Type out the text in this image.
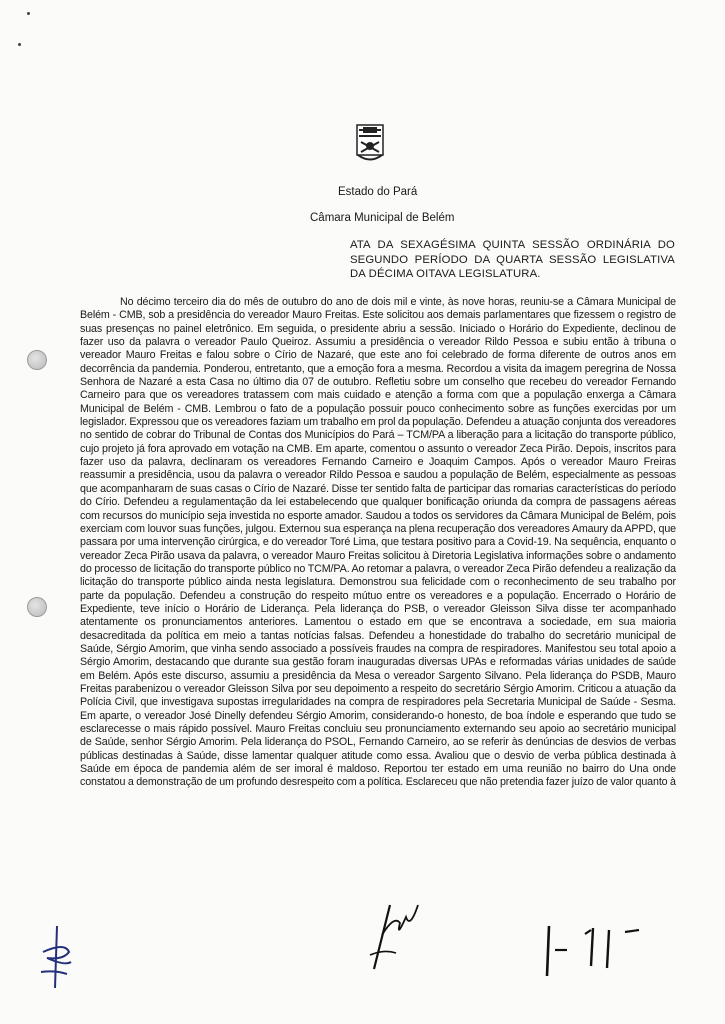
Estado do Pará
Câmara Municipal de Belém
ATA DA SEXAGÉSIMA QUINTA SESSÃO ORDINÁRIA DO SEGUNDO PERÍODO DA QUARTA SESSÃO LEGISLATIVA DA DÉCIMA OITAVA LEGISLATURA.

No décimo terceiro dia do mês de outubro do ano de dois mil e vinte, às nove horas, reuniu-se a Câmara Municipal de Belém - CMB, sob a presidência do vereador Mauro Freitas. Este solicitou aos demais parlamentares que fizessem o registro de suas presenças no painel eletrônico. Em seguida, o presidente abriu a sessão. Iniciado o Horário do Expediente, declinou de fazer uso da palavra o vereador Paulo Queiroz. Assumiu a presidência o vereador Rildo Pessoa e subiu então à tribuna o vereador Mauro Freitas e falou sobre o Círio de Nazaré, que este ano foi celebrado de forma diferente de outros anos em decorrência da pandemia. Ponderou, entretanto, que a emoção fora a mesma. Recordou a visita da imagem peregrina de Nossa Senhora de Nazaré a esta Casa no último dia 07 de outubro. Refletiu sobre um conselho que recebeu do vereador Fernando Carneiro para que os vereadores tratassem com mais cuidado e atenção a forma com que a população enxerga a Câmara Municipal de Belém - CMB. Lembrou o fato de a população possuir pouco conhecimento sobre as funções exercidas por um legislador. Expressou que os vereadores faziam um trabalho em prol da população. Defendeu a atuação conjunta dos vereadores no sentido de cobrar do Tribunal de Contas dos Municípios do Pará – TCM/PA a liberação para a licitação do transporte público, cujo projeto já fora aprovado em votação na CMB. Em aparte, comentou o assunto o vereador Zeca Pirão. Depois, inscritos para fazer uso da palavra, declinaram os vereadores Fernando Carneiro e Joaquim Campos. Após o vereador Mauro Freiras reassumir a presidência, usou da palavra o vereador Rildo Pessoa e saudou a população de Belém, especialmente as pessoas que acompanharam de suas casas o Círio de Nazaré. Disse ter sentido falta de participar das romarias características do período do Círio. Defendeu a regulamentação da lei estabelecendo que qualquer bonificação oriunda da compra de passagens aéreas com recursos do município seja investida no esporte amador. Saudou a todos os servidores da Câmara Municipal de Belém, pois exerciam com louvor suas funções, julgou. Externou sua esperança na plena recuperação dos vereadores Amaury da APPD, que passara por uma intervenção cirúrgica, e do vereador Toré Lima, que testara positivo para a Covid-19. Na sequência, enquanto o vereador Zeca Pirão usava da palavra, o vereador Mauro Freitas solicitou à Diretoria Legislativa informações sobre o andamento do processo de licitação do transporte público no TCM/PA. Ao retomar a palavra, o vereador Zeca Pirão defendeu a realização da licitação do transporte público ainda nesta legislatura. Demonstrou sua felicidade com o reconhecimento de seu trabalho por parte da população. Defendeu a construção do respeito mútuo entre os vereadores e a população. Encerrado o Horário de Expediente, teve início o Horário de Liderança. Pela liderança do PSB, o vereador Gleisson Silva disse ter acompanhado atentamente os pronunciamentos anteriores. Lamentou o estado em que se encontrava a sociedade, em sua maioria desacreditada da política em meio a tantas notícias falsas. Defendeu a honestidade do trabalho do secretário municipal de Saúde, Sérgio Amorim, que vinha sendo associado a possíveis fraudes na compra de respiradores. Manifestou seu total apoio a Sérgio Amorim, destacando que durante sua gestão foram inauguradas diversas UPAs e reformadas várias unidades de saúde em Belém. Após este discurso, assumiu a presidência da Mesa o vereador Sargento Silvano. Pela liderança do PSDB, Mauro Freitas parabenizou o vereador Gleisson Silva por seu depoimento a respeito do secretário Sérgio Amorim. Criticou a atuação da Polícia Civil, que investigava supostas irregularidades na compra de respiradores pela Secretaria Municipal de Saúde - Sesma. Em aparte, o vereador José Dinelly defendeu Sérgio Amorim, considerando-o honesto, de boa índole e esperando que tudo se esclarecesse o mais rápido possível. Mauro Freitas concluiu seu pronunciamento externando seu apoio ao secretário municipal de Saúde, senhor Sérgio Amorim. Pela liderança do PSOL, Fernando Carneiro, ao se referir às denúncias de desvios de verbas públicas destinadas à Saúde, disse lamentar qualquer atitude como essa. Avaliou que o desvio de verba pública destinada à Saúde em época de pandemia além de ser imoral é maldoso. Reportou ter estado em uma reunião no bairro do Una onde constatou a demonstração de um profundo desrespeito com a política. Esclareceu que não pretendia fazer juízo de valor quanto à
